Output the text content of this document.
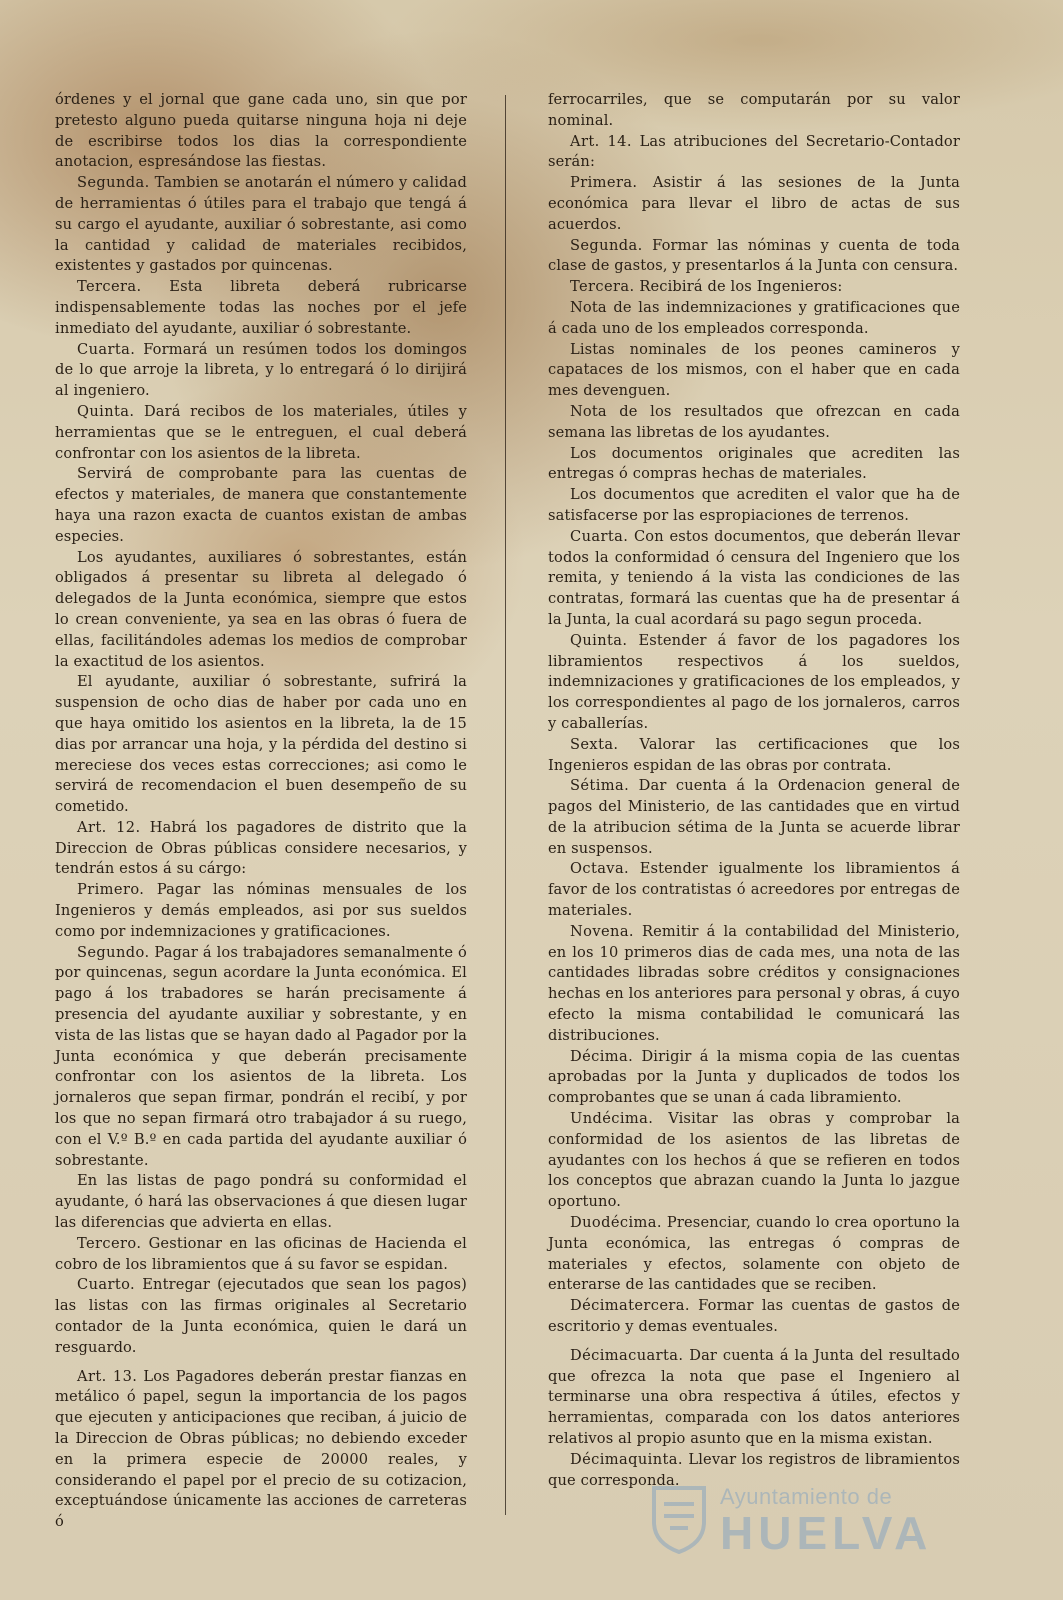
órdenes y el jornal que gane cada uno, sin que por pretesto alguno pueda quitarse ninguna hoja ni deje de escribirse todos los dias la correspondiente anotacion, espresándose las fiestas.

Segunda. Tambien se anotarán el número y calidad de herramientas ó útiles para el trabajo que tengá á su cargo el ayudante, auxiliar ó sobrestante, asi como la cantidad y calidad de materiales recibidos, existentes y gastados por quincenas.

Tercera. Esta libreta deberá rubricarse indispensablemente todas las noches por el jefe inmediato del ayudante, auxiliar ó sobrestante.

Cuarta. Formará un resúmen todos los domingos de lo que arroje la libreta, y lo entregará ó lo dirijirá al ingeniero.

Quinta. Dará recibos de los materiales, útiles y herramientas que se le entreguen, el cual deberá confrontar con los asientos de la libreta.

Servirá de comprobante para las cuentas de efectos y materiales, de manera que constantemente haya una razon exacta de cuantos existan de ambas especies.

Los ayudantes, auxiliares ó sobrestantes, están obligados á presentar su libreta al delegado ó delegados de la Junta económica, siempre que estos lo crean conveniente, ya sea en las obras ó fuera de ellas, facilitándoles ademas los medios de comprobar la exactitud de los asientos.

El ayudante, auxiliar ó sobrestante, sufrirá la suspension de ocho dias de haber por cada uno en que haya omitido los asientos en la libreta, la de 15 dias por arrancar una hoja, y la pérdida del destino si mereciese dos veces estas correcciones; asi como le servirá de recomendacion el buen desempeño de su cometido.

Art. 12. Habrá los pagadores de distrito que la Direccion de Obras públicas considere necesarios, y tendrán estos á su cárgo:

Primero. Pagar las nóminas mensuales de los Ingenieros y demás empleados, asi por sus sueldos como por indemnizaciones y gratificaciones.

Segundo. Pagar á los trabajadores semanalmente ó por quincenas, segun acordare la Junta económica. El pago á los trabadores se harán precisamente á presencia del ayudante auxiliar y sobrestante, y en vista de las listas que se hayan dado al Pagador por la Junta económica y que deberán precisamente confrontar con los asientos de la libreta. Los jornaleros que sepan firmar, pondrán el recibí, y por los que no sepan firmará otro trabajador á su ruego, con el V.º B.º en cada partida del ayudante auxiliar ó sobrestante.

En las listas de pago pondrá su conformidad el ayudante, ó hará las observaciones á que diesen lugar las diferencias que advierta en ellas.

Tercero. Gestionar en las oficinas de Hacienda el cobro de los libramientos que á su favor se espidan.

Cuarto. Entregar (ejecutados que sean los pagos) las listas con las firmas originales al Secretario contador de la Junta económica, quien le dará un resguardo.

Art. 13. Los Pagadores deberán prestar fianzas en metálico ó papel, segun la importancia de los pagos que ejecuten y anticipaciones que reciban, á juicio de la Direccion de Obras públicas; no debiendo exceder en la primera especie de 20000 reales, y considerando el papel por el precio de su cotizacion, exceptuándose únicamente las acciones de carreteras ó

ferrocarriles, que se computarán por su valor nominal.

Art. 14. Las atribuciones del Secretario-Contador serán:

Primera. Asistir á las sesiones de la Junta económica para llevar el libro de actas de sus acuerdos.

Segunda. Formar las nóminas y cuenta de toda clase de gastos, y presentarlos á la Junta con censura.

Tercera. Recibirá de los Ingenieros:

Nota de las indemnizaciones y gratificaciones que á cada uno de los empleados corresponda.

Listas nominales de los peones camineros y capataces de los mismos, con el haber que en cada mes devenguen.

Nota de los resultados que ofrezcan en cada semana las libretas de los ayudantes.

Los documentos originales que acrediten las entregas ó compras hechas de materiales.

Los documentos que acrediten el valor que ha de satisfacerse por las espropiaciones de terrenos.

Cuarta. Con estos documentos, que deberán llevar todos la conformidad ó censura del Ingeniero que los remita, y teniendo á la vista las condiciones de las contratas, formará las cuentas que ha de presentar á la Junta, la cual acordará su pago segun proceda.

Quinta. Estender á favor de los pagadores los libramientos respectivos á los sueldos, indemnizaciones y gratificaciones de los empleados, y los correspondientes al pago de los jornaleros, carros y caballerías.

Sexta. Valorar las certificaciones que los Ingenieros espidan de las obras por contrata.

Sétima. Dar cuenta á la Ordenacion general de pagos del Ministerio, de las cantidades que en virtud de la atribucion sétima de la Junta se acuerde librar en suspensos.

Octava. Estender igualmente los libramientos á favor de los contratistas ó acreedores por entregas de materiales.

Novena. Remitir á la contabilidad del Ministerio, en los 10 primeros dias de cada mes, una nota de las cantidades libradas sobre créditos y consignaciones hechas en los anteriores para personal y obras, á cuyo efecto la misma contabilidad le comunicará las distribuciones.

Décima. Dirigir á la misma copia de las cuentas aprobadas por la Junta y duplicados de todos los comprobantes que se unan á cada libramiento.

Undécima. Visitar las obras y comprobar la conformidad de los asientos de las libretas de ayudantes con los hechos á que se refieren en todos los conceptos que abrazan cuando la Junta lo jazgue oportuno.

Duodécima. Presenciar, cuando lo crea oportuno la Junta económica, las entregas ó compras de materiales y efectos, solamente con objeto de enterarse de las cantidades que se reciben.

Décimatercera. Formar las cuentas de gastos de escritorio y demas eventuales.

Décimacuarta. Dar cuenta á la Junta del resultado que ofrezca la nota que pase el Ingeniero al terminarse una obra respectiva á útiles, efectos y herramientas, comparada con los datos anteriores relativos al propio asunto que en la misma existan.

Décimaquinta. Llevar los registros de libramientos que corresponda.

Ayuntamiento de
HUELVA
